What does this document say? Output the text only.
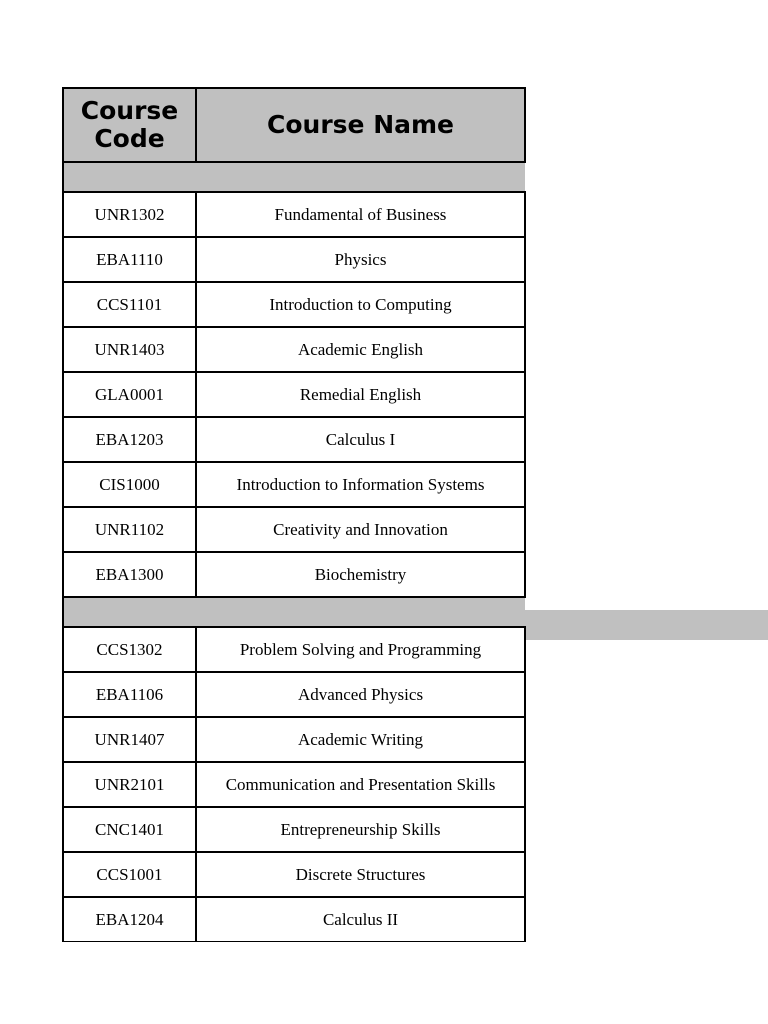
Course Code	Course Name

UNR1302	Fundamental of Business
EBA1110	Physics
CCS1101	Introduction to Computing
UNR1403	Academic English
GLA0001	Remedial English
EBA1203	Calculus I
CIS1000	Introduction to Information Systems
UNR1102	Creativity and Innovation
EBA1300	Biochemistry

CCS1302	Problem Solving and Programming
EBA1106	Advanced Physics
UNR1407	Academic Writing
UNR2101	Communication and Presentation Skills
CNC1401	Entrepreneurship Skills
CCS1001	Discrete Structures
EBA1204	Calculus II
